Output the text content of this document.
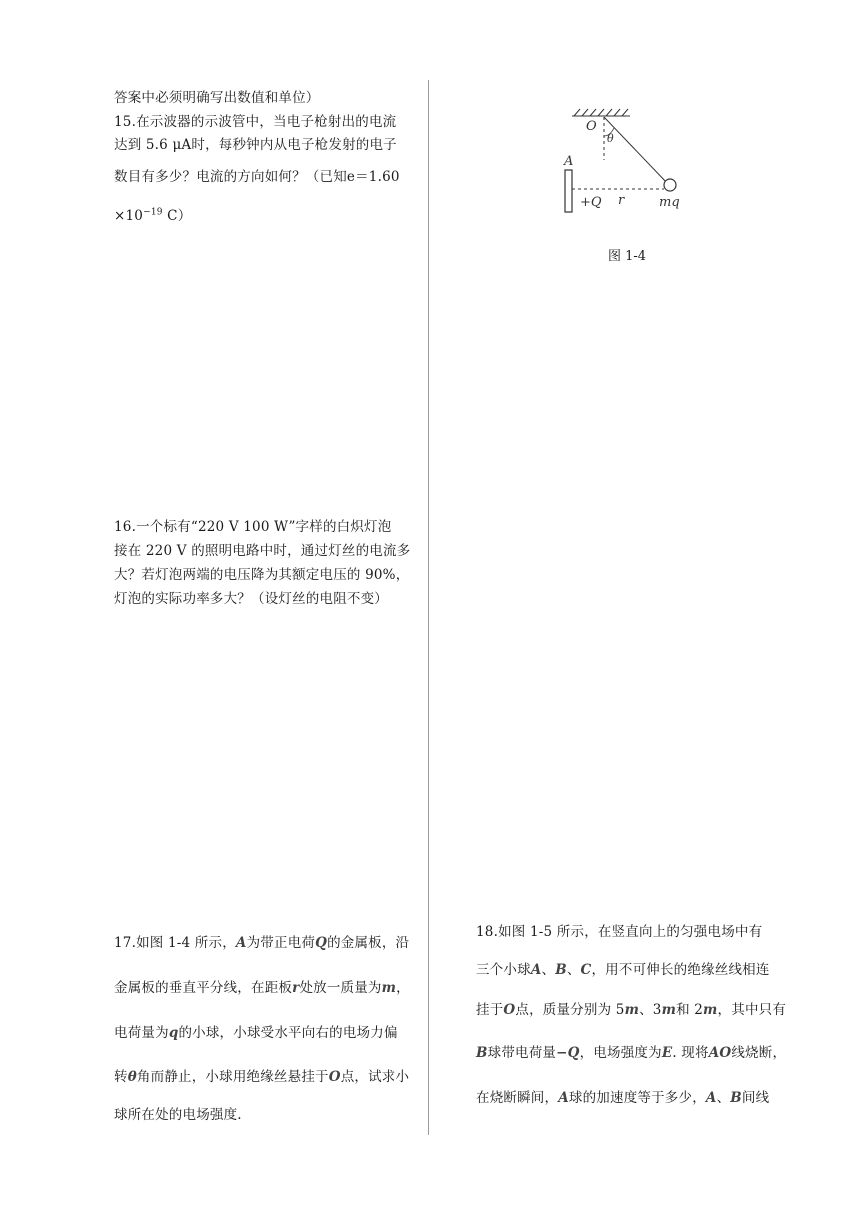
答案中必须明确写出数值和单位）
15.在示波器的示波管中，当电子枪射出的电流
达到 5.6 μA时，每秒钟内从电子枪发射的电子
数目有多少？电流的方向如何？（已知e＝1.60
$\times 10^{-19}$ C）
O
θ
A
+Q r	mq
图 1-4
16.一个标有“220 V 100 W”字样的白炽灯泡
接在 220 V 的照明电路中时，通过灯丝的电流多
大？若灯泡两端的电压降为其额定电压的 90%，
灯泡的实际功率多大？（设灯丝的电阻不变）
17.如图 1-4 所示，A为带正电荷Q的金属板，沿
金属板的垂直平分线，在距板r处放一质量为m，
电荷量为q的小球，小球受水平向右的电场力偏
转θ角而静止，小球用绝缘丝悬挂于O点，试求小
球所在处的电场强度.
18.如图 1-5 所示，在竖直向上的匀强电场中有
三个小球A、B、C，用不可伸长的绝缘丝线相连
挂于O点，质量分别为 5m、3m和 2m，其中只有
B球带电荷量−Q，电场强度为E. 现将AO线烧断，
在烧断瞬间，A球的加速度等于多少，A、B间线
